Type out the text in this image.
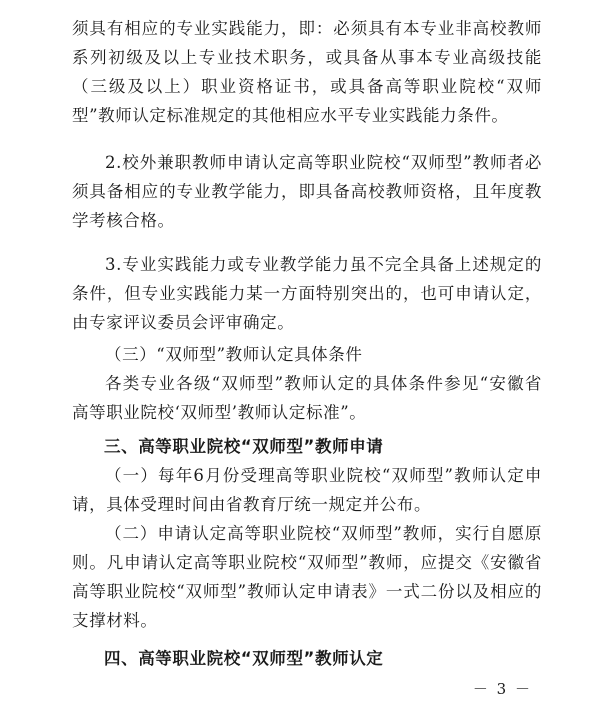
须具有相应的专业实践能力，即：必须具有本专业非高校教师系列初级及以上专业技术职务，或具备从事本专业高级技能（三级及以上）职业资格证书，或具备高等职业院校“双师型”教师认定标准规定的其他相应水平专业实践能力条件。

2.校外兼职教师申请认定高等职业院校“双师型”教师者必须具备相应的专业教学能力，即具备高校教师资格，且年度教学考核合格。

3.专业实践能力或专业教学能力虽不完全具备上述规定的条件，但专业实践能力某一方面特别突出的，也可申请认定，由专家评议委员会评审确定。

（三）“双师型”教师认定具体条件

各类专业各级“双师型”教师认定的具体条件参见“安徽省高等职业院校‘双师型’教师认定标准”。

三、高等职业院校“双师型”教师申请

（一）每年6月份受理高等职业院校“双师型”教师认定申请，具体受理时间由省教育厅统一规定并公布。

（二）申请认定高等职业院校“双师型”教师，实行自愿原则。凡申请认定高等职业院校“双师型”教师，应提交《安徽省高等职业院校“双师型”教师认定申请表》一式二份以及相应的支撑材料。

四、高等职业院校“双师型”教师认定

－ 3 －
